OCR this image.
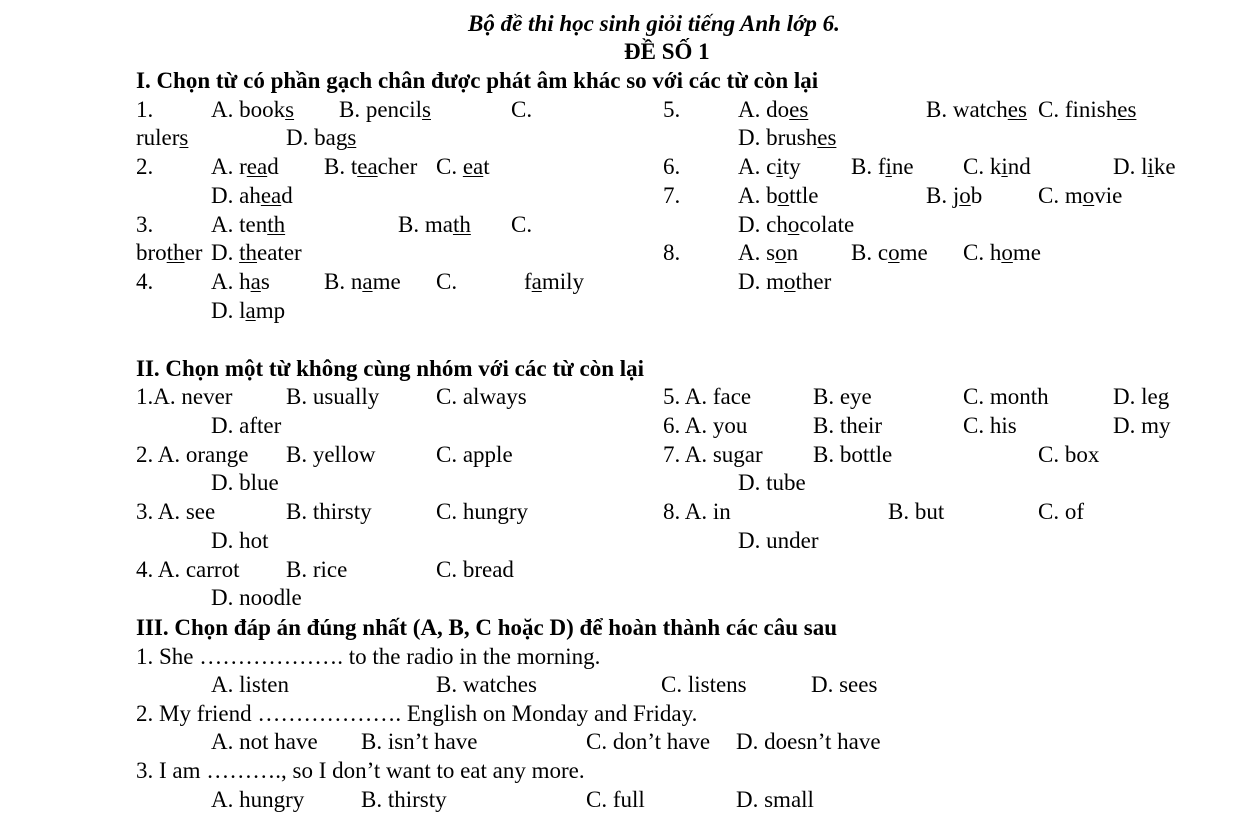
Bộ đề thi học sinh giỏi tiếng Anh lớp 6.
ĐỀ SỐ 1
I. Chọn từ có phần gạch chân được phát âm khác so với các từ còn lại
1.	A. books B. pencils	C.
rulers	D. bags
2.	A. read B. teacher C. eat
D. ahead
3.	A. tenth	B. math C.
brother D. theater
4.	A. has B. name C.	family
D. lamp
5.	A. does	B. watches C. finishes
D. brushes
6.	A. city B. fine C. kind	D. like
7.	A. bottle	B. job C. movie
D. chocolate
8.	A. son B. come C. home
D. mother
II. Chọn một từ không cùng nhóm với các từ còn lại
1.A. never B. usually C. always
D. after
2. A. orange B. yellow	C. apple
D. blue
3. A. see	B. thirsty	C. hungry
D. hot
4. A. carrot B. rice	C. bread
D. noodle
5. A. face	B. eye	C. month	D. leg
6. A. you	B. their	C. his	D. my
7. A. sugar B. bottle	C. box
D. tube
8. A. in	B. but	C. of
D. under
III. Chọn đáp án đúng nhất (A, B, C hoặc D) để hoàn thành các câu sau
1. She ………………. to the radio in the morning.
A. listen	B. watches	C. listens	D. sees
2. My friend ………………. English on Monday and Friday.
A. not have B. isn’t have	C. don’t have D. doesn’t have
3. I am ………., so I don’t want to eat any more.
A. hungry B. thirsty	C. full	D. small
